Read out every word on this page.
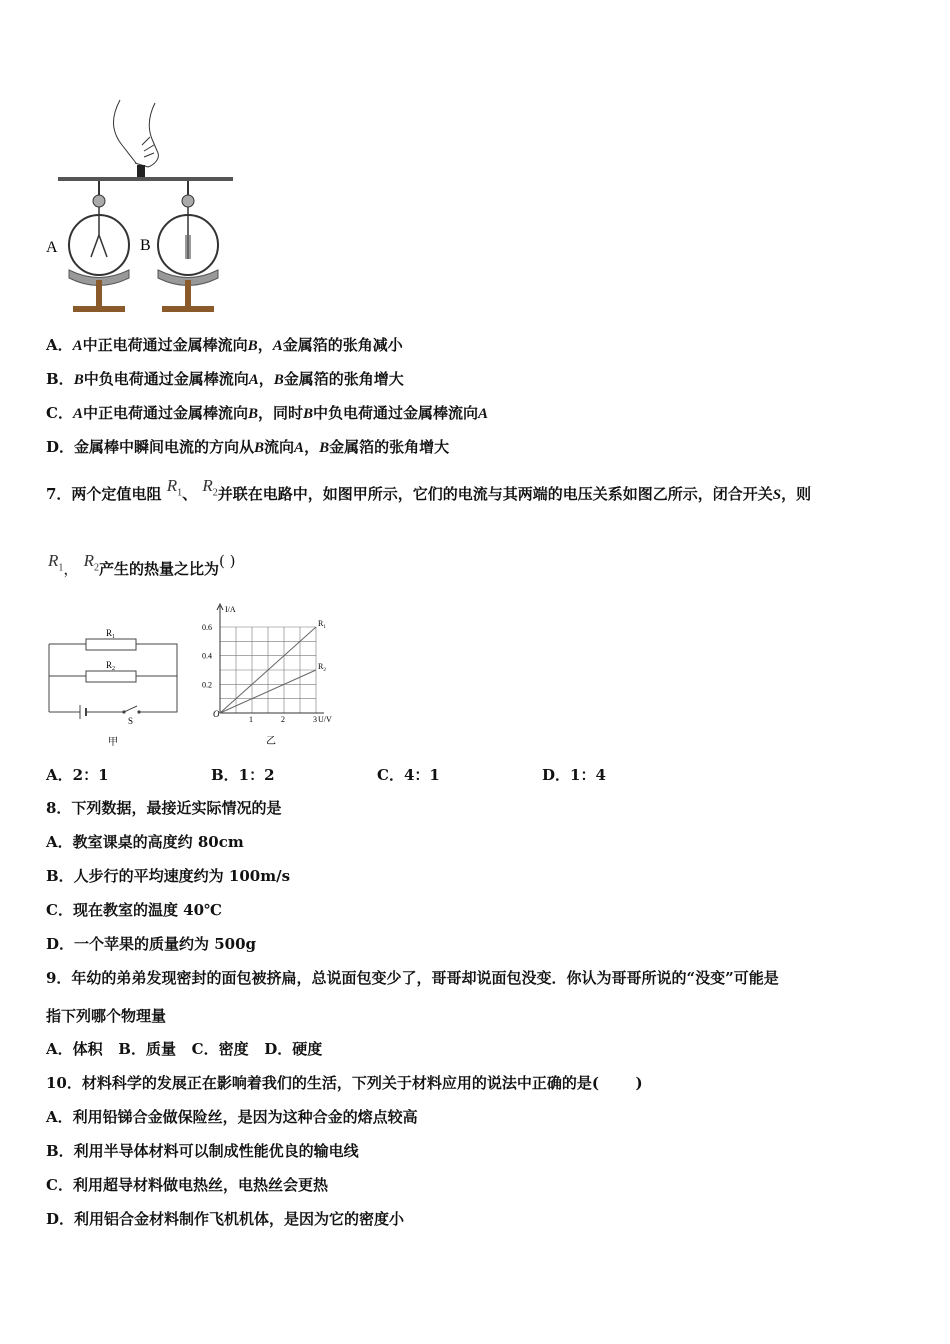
A	B
A．A中正电荷通过金属棒流向B，A金属箔的张角减小
B．B中负电荷通过金属棒流向A，B金属箔的张角增大
C．A中正电荷通过金属棒流向B，同时B中负电荷通过金属棒流向A
D．金属棒中瞬间电流的方向从B流向A，B金属箔的张角增大
7．两个定值电阻 $R_1$、 $R_2$并联在电路中，如图甲所示，它们的电流与其两端的电压关系如图乙所示，闭合开关S，则
$R_1$， $R_2$产生的热量之比为( )
$R_1$
$R_2$
S
甲
1	2	3
0.2
0.4
0.6
O
U/V
I/A
$R_1$
$R_2$
乙
A．2：1	B．1：2	C．4：1	D．1：4
8．下列数据，最接近实际情况的是
A．教室课桌的高度约 80cm
B．人步行的平均速度约为 100m/s
C．现在教室的温度 40℃
D．一个苹果的质量约为 500g
9．年幼的弟弟发现密封的面包被挤扁，总说面包变少了，哥哥却说面包没变．你认为哥哥所说的“没变”可能是
指下列哪个物理量
A．体积   B．质量   C．密度   D．硬度
10．材料科学的发展正在影响着我们的生活，下列关于材料应用的说法中正确的是(       )
A．利用铅锑合金做保险丝，是因为这种合金的熔点较高
B．利用半导体材料可以制成性能优良的输电线
C．利用超导材料做电热丝，电热丝会更热
D．利用铝合金材料制作飞机机体，是因为它的密度小
